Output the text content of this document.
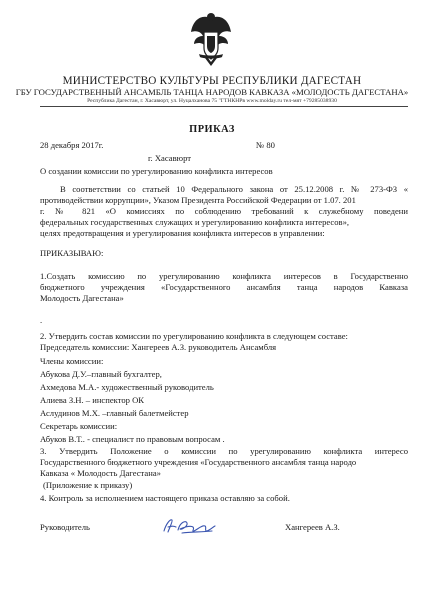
МИНИСТЕРСТВО КУЛЬТУРЫ РЕСПУБЛИКИ ДАГЕСТАН
ГБУ ГОСУДАРСТВЕННЫЙ АНСАМБЛЬ ТАНЦА НАРОДОВ КАВКАЗА «МОЛОДОСТЬ ДАГЕСТАНА»
Республика Дагестан, г. Хасавюрт, ул. Нуцалханова 75 "ГТНКНРв www.molday.ru тел-мят +79285038930
ПРИКАЗ
28 декабря 2017г.	№ 80
г. Хасавюрт
О создании комиссии по урегулированию конфликта интересов
В соответствии со статьей 10 Федерального закона от 25.12.2008 г. № 273-ФЗ «
противодействии коррупции», Указом Президента Российской Федерации от 1.07. 201
г. № 821 «О комиссиях по соблюдению требований к служебному поведени
федеральных государственных служащих и урегулированию конфликта интересов»,
целях предотвращения и урегулирования конфликта интересов в управлении:
ПРИКАЗЫВАЮ:
1.Создать комиссию по урегулированию конфликта интересов в Государственно
бюджетного учреждения «Государственного ансамбля танца народов Кавказа
Молодость Дагестана»
.
2. Утвердить состав комиссии по урегулированию конфликта в следующем составе:
Председатель комиссии: Хангереев А.З. руководитель Ансамбля
Члены комиссии:
Абукова Д.У.–главный бухгалтер,
Ахмедова М.А.- художественный руководитель
Алиева З.Н. – инспектор ОК
Аслудинов М.Х. –главный балетмейстер
Секретарь комиссии:
Абуков В.Т.. - специалист по правовым вопросам .
3. Утвердить Положение о комиссии по урегулированию конфликта интересо
Государственного бюджетного учреждения «Государственного ансамбля танца народо
Кавказа « Молодость Дагестана»
(Приложение к приказу)
4. Контроль за исполнением настоящего приказа оставляю за собой.
Руководитель	Хангереев А.З.
